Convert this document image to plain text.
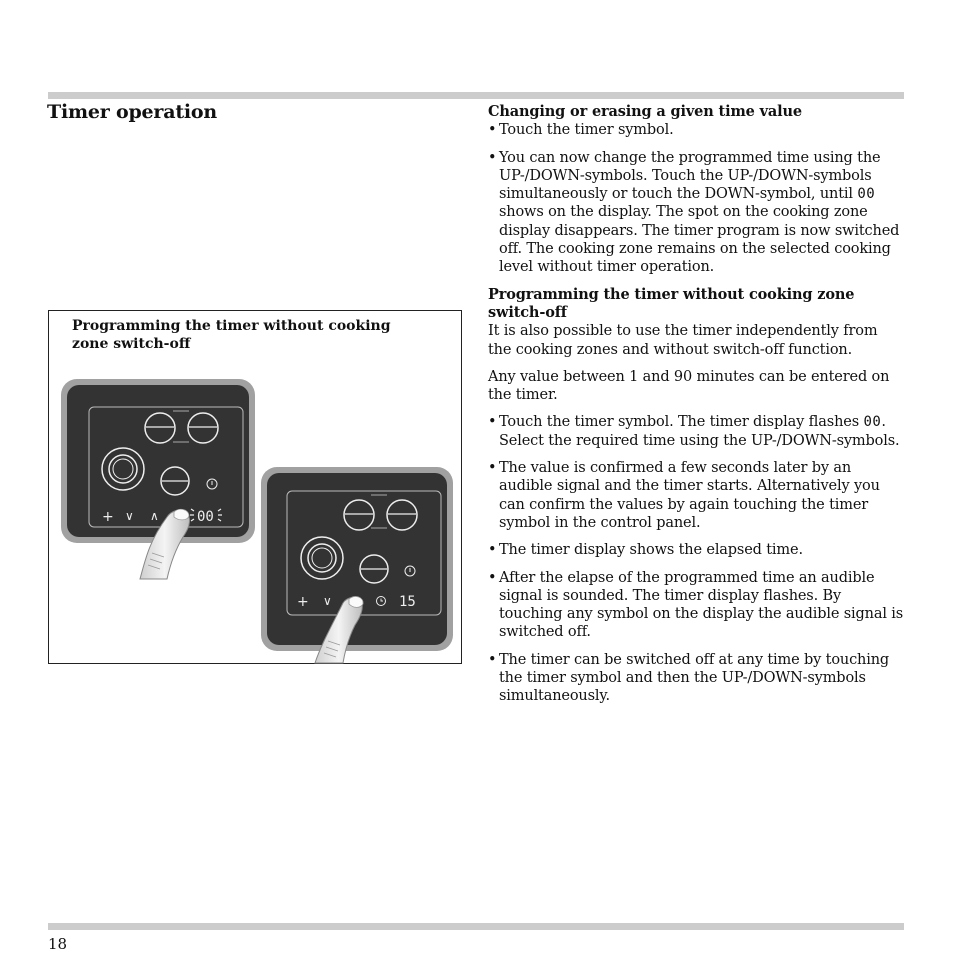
Timer operation

Programming the timer without cooking zone switch-off

+ ∨ ∧	00
+ ∨	15
Changing or erasing a given time value
• Touch the timer symbol.
• You can now change the programmed time using the UP-/DOWN-symbols. Touch the UP-/DOWN-symbols simultaneously or touch the DOWN-symbol, until 00 shows on the display. The spot on the cooking zone display disappears. The timer program is now switched off. The cooking zone remains on the selected cooking level without timer operation.
Programming the timer without cooking zone switch-off

It is also possible to use the timer independently from the cooking zones and without switch-off function.

Any value between 1 and 90 minutes can be entered on the timer.

• Touch the timer symbol. The timer display flashes 00. Select the required time using the UP-/DOWN-symbols.
• The value is confirmed a few seconds later by an audible signal and the timer starts. Alternatively you can confirm the values by again touching the timer symbol in the control panel.
• The timer display shows the elapsed time.
• After the elapse of the programmed time an audible signal is sounded. The timer display flashes. By touching any symbol on the display the audible signal is switched off.
• The timer can be switched off at any time by touching the timer symbol and then the UP-/DOWN-symbols simultaneously.
18
